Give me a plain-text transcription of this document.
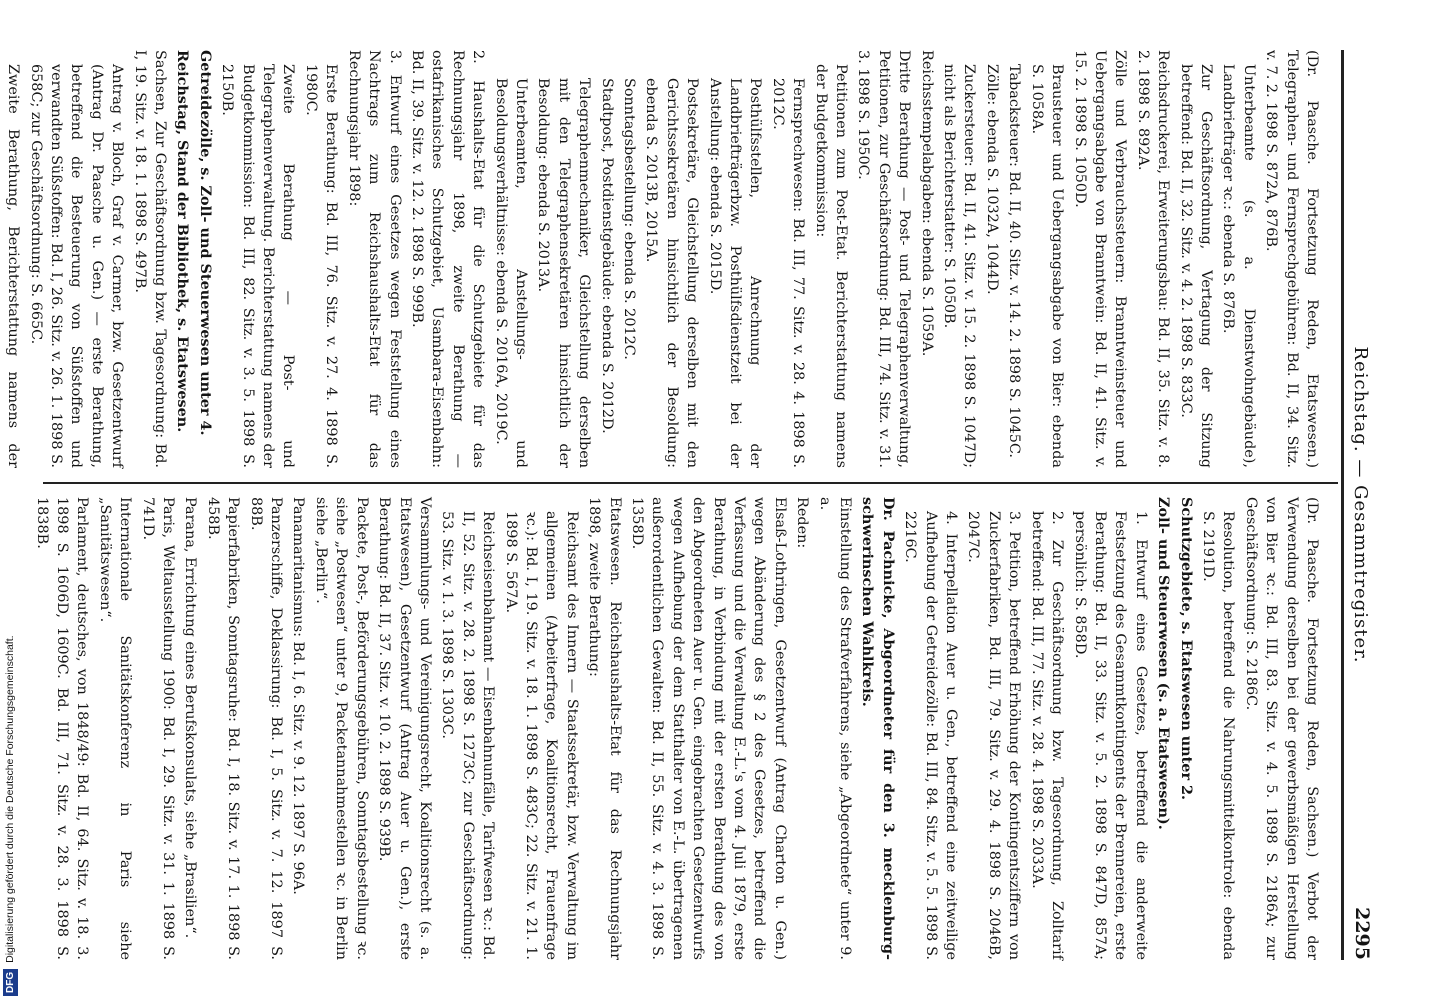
Reichstag. — Gesammtregister.
2295

(Dr. Paasche. Fortsetzung Reden, Etatswesen.) Telegraphen- und Fernsprechgebühren: Bd. II, 34. Sitz. v. 7. 2. 1898 S. 872A, 876B.

Unterbeamte (s. a. Dienstwohngebäude), Landbriefträger ꝛc.: ebenda S. 876B.

Zur Geschäftsordnung, Vertagung der Sitzung betreffend: Bd. II, 32. Sitz. v. 4. 2. 1898 S. 833C.

Reichsdruckerei, Erweiterungsbau: Bd. II, 35. Sitz. v. 8. 2. 1898 S. 892A.

Zölle und Verbrauchssteuern: Branntweinsteuer und Uebergangsabgabe von Branntwein: Bd. II, 41. Sitz. v. 15. 2. 1898 S. 1050D.

Brausteuer und Uebergangsabgabe von Bier: ebenda S. 1058A.

Tabacksteuer: Bd. II, 40. Sitz. v. 14. 2. 1898 S. 1045C.

Zölle: ebenda S. 1032A, 1044D.

Zuckersteuer: Bd. II, 41. Sitz. v. 15. 2. 1898 S. 1047D; nicht als Berichterstatter: S. 1050B.

Reichsstempelabgaben: ebenda S. 1059A.

Dritte Berathung — Post- und Telegraphenverwaltung, Petitionen, zur Geschäftsordnung: Bd. III, 74. Sitz. v. 31. 3. 1898 S. 1950C.

Petitionen zum Post-Etat. Berichterstattung namens der Budgetkommission:

Fernsprechwesen: Bd. III, 77. Sitz. v. 28. 4. 1898 S. 2012C.

Posthülfsstellen, Anrechnung der Landbriefträgerbzw. Posthülfsdienstzeit bei der Anstellung: ebenda S. 2015D.

Postsekretäre, Gleichstellung derselben mit den Gerichtssekretären hinsichtlich der Besoldung: ebenda S. 2013B, 2015A.

Sonntagsbestellung: ebenda S. 2012C.

Stadtpost, Postdienstgebäude: ebenda S. 2012D.

Telegraphenmechaniker, Gleichstellung derselben mit den Telegraphensekretären hinsichtlich der Besoldung: ebenda S. 2013A.

Unterbeamten, Anstellungs- und Besoldungsverhältnisse: ebenda S. 2016A, 2019C.

2. Haushalts-Etat für die Schutzgebiete für das Rechnungsjahr 1898, zweite Berathung — ostafrikanisches Schutzgebiet, Usambara-Eisenbahn: Bd. II, 39. Sitz. v. 12. 2. 1898 S. 999B.

3. Entwurf eines Gesetzes wegen Feststellung eines Nachtrags zum Reichshaushalts-Etat für das Rechnungsjahr 1898:

Erste Berathung: Bd. III, 76. Sitz. v. 27. 4. 1898 S. 1980C.

Zweite Berathung — Post- und Telegraphenverwaltung. Berichterstattung namens der Budgetkommission: Bd. III, 82. Sitz. v. 3. 5. 1898 S. 2150B.

Getreidezölle, s. Zoll- und Steuerwesen unter 4.

Reichstag, Stand der Bibliothek, s. Etatswesen.

Sachsen, Zur Geschäftsordnung bzw. Tagesordnung: Bd. I, 19. Sitz. v. 18. 1. 1898 S. 497B.

Antrag v. Bloch, Graf v. Carmer, bzw. Gesetzentwurf (Antrag Dr. Paasche u. Gen.) — erste Berathung, betreffend die Besteuerung von Süßstoffen und verwandten Süßstoffen: Bd. I, 26. Sitz. v. 26. 1. 1898 S. 658C; zur Geschäftsordnung: S. 665C.

Zweite Berathung, Berichterstattung namens der

(Dr. Paasche. Fortsetzung Reden, Sachsen.) Verbot der Verwendung derselben bei der gewerbsmäßigen Herstellung von Bier ꝛc.: Bd. III, 83. Sitz. v. 4. 5. 1898 S. 2186A; zur Geschäftsordnung: S. 2186C.

Resolution, betreffend die Nahrungsmittelkontrole: ebenda S. 2191D.

Schutzgebiete, s. Etatswesen unter 2.

Zoll- und Steuerwesen (s. a. Etatswesen).

1. Entwurf eines Gesetzes, betreffend die anderweite Festsetzung des Gesammtkontingents der Brennereien, erste Berathung: Bd. II, 33. Sitz. v. 5. 2. 1898 S. 847D, 857A; persönlich: S. 858D.

2. Zur Geschäftsordnung bzw. Tagesordnung, Zolltarif betreffend: Bd. III, 77. Sitz. v. 28. 4. 1898 S. 2033A.

3. Petition, betreffend Erhöhung der Kontingentsziffern von Zuckerfabriken, Bd. III, 79. Sitz. v. 29. 4. 1898 S. 2046B, 2047C.

4. Interpellation Auer u. Gen., betreffend eine zeitweilige Aufhebung der Getreidezölle: Bd. III, 84. Sitz. v. 5. 5. 1898 S. 2216C.

Dr. Pachnicke, Abgeordneter für den 3. mecklenburg-schwerinschen Wahlkreis.

Einstellung des Strafverfahrens, siehe „Abgeordnete“ unter 9. a.

Reden:

Elsaß-Lothringen, Gesetzentwurf (Antrag Charton u. Gen.) wegen Abänderung des § 2 des Gesetzes, betreffend die Verfassung und die Verwaltung E.-L.'s vom 4. Juli 1879, erste Berathung, in Verbindung mit der ersten Berathung des von den Abgeordneten Auer u. Gen. eingebrachten Gesetzentwurfs wegen Aufhebung der dem Statthalter von E.-L. übertragenen außerordentlichen Gewalten: Bd. II, 55. Sitz. v. 4. 3. 1898 S. 1358D.

Etatswesen. Reichshaushalts-Etat für das Rechnungsjahr 1898, zweite Berathung:

Reichsamt des Innern — Staatssekretär, bzw. Verwaltung im allgemeinen (Arbeiterfrage, Koalitionsrecht, Frauenfrage ꝛc.): Bd. I, 19. Sitz. v. 18. 1. 1898 S. 483C; 22. Sitz. v. 21. 1. 1898 S. 567A.

Reichseisenbahnamt — Eisenbahnunfälle, Tarifwesen ꝛc.: Bd. II, 52. Sitz. v. 28. 2. 1898 S. 1273C; zur Geschäftsordnung: 53. Sitz. v. 1. 3. 1898 S. 1303C.

Versammlungs- und Vereinigungsrecht, Koalitionsrecht (s. a. Etatswesen), Gesetzentwurf (Antrag Auer u. Gen.), erste Berathung: Bd. II, 37. Sitz. v. 10. 2. 1898 S. 939B.

Packete, Post-, Beförderungsgebühren, Sonntagsbestellung ꝛc. siehe „Postwesen“ unter 9, Packetannahmestellen ꝛc. in Berlin siehe „Berlin“.

Panamaritanismus: Bd. I, 6. Sitz. v. 9. 12. 1897 S. 96A.

Panzerschiffe, Deklassirung: Bd. I, 5. Sitz. v. 7. 12. 1897 S. 88B.

Papierfabriken, Sonntagsruhe: Bd. I, 18. Sitz. v. 17. 1. 1898 S. 458B.

Parana, Errichtung eines Berufskonsulats, siehe „Brasilien“.

Paris, Weltausstellung 1900: Bd. I, 29. Sitz. v. 31. 1. 1898 S. 741D.

Internationale Sanitätskonferenz in Paris siehe „Sanitätswesen“.

Parlament, deutsches, von 1848/49: Bd. II, 64. Sitz. v. 18. 3. 1898 S. 1606D, 1609C. Bd. III, 71. Sitz. v. 28. 3. 1898 S. 1838B.

DFGDigitalisierung gefördert durch die Deutsche Forschungsgemeinschaft.
